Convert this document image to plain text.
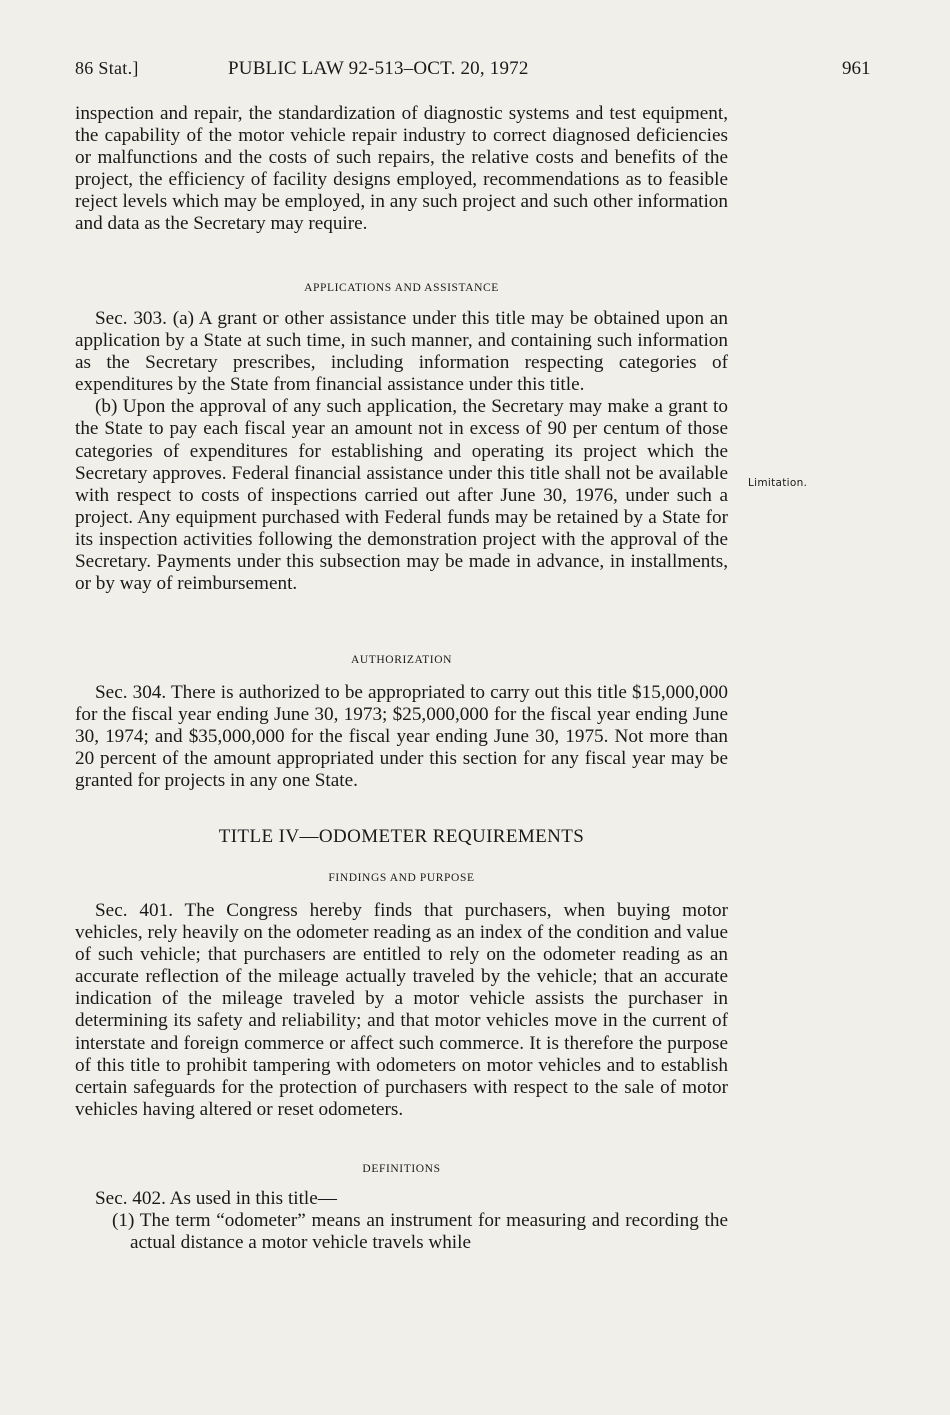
86 Stat.]	PUBLIC LAW 92-513–OCT. 20, 1972	961

inspection and repair, the standardization of diagnostic systems and test equipment, the capability of the motor vehicle repair industry to correct diagnosed deficiencies or malfunctions and the costs of such repairs, the relative costs and benefits of the project, the efficiency of facility designs employed, recommendations as to feasible reject levels which may be employed, in any such project and such other information and data as the Secretary may require.

APPLICATIONS AND ASSISTANCE

Sec. 303. (a) A grant or other assistance under this title may be obtained upon an application by a State at such time, in such manner, and containing such information as the Secretary prescribes, including information respecting categories of expenditures by the State from financial assistance under this title.

(b) Upon the approval of any such application, the Secretary may make a grant to the State to pay each fiscal year an amount not in excess of 90 per centum of those categories of expenditures for establishing and operating its project which the Secretary approves. Federal financial assistance under this title shall not be available with respect to costs of inspections carried out after June 30, 1976, under such a project. Any equipment purchased with Federal funds may be retained by a State for its inspection activities following the demonstration project with the approval of the Secretary. Payments under this subsection may be made in advance, in installments, or by way of reimbursement.

AUTHORIZATION

Sec. 304. There is authorized to be appropriated to carry out this title $15,000,000 for the fiscal year ending June 30, 1973; $25,000,000 for the fiscal year ending June 30, 1974; and $35,000,000 for the fiscal year ending June 30, 1975. Not more than 20 percent of the amount appropriated under this section for any fiscal year may be granted for projects in any one State.

TITLE IV—ODOMETER REQUIREMENTS

FINDINGS AND PURPOSE

Sec. 401. The Congress hereby finds that purchasers, when buying motor vehicles, rely heavily on the odometer reading as an index of the condition and value of such vehicle; that purchasers are entitled to rely on the odometer reading as an accurate reflection of the mileage actually traveled by the vehicle; that an accurate indication of the mileage traveled by a motor vehicle assists the purchaser in determining its safety and reliability; and that motor vehicles move in the current of interstate and foreign commerce or affect such commerce. It is therefore the purpose of this title to prohibit tampering with odometers on motor vehicles and to establish certain safeguards for the protection of purchasers with respect to the sale of motor vehicles having altered or reset odometers.

DEFINITIONS

Sec. 402. As used in this title—

(1) The term “odometer” means an instrument for measuring and recording the actual distance a motor vehicle travels while

Limitation.
